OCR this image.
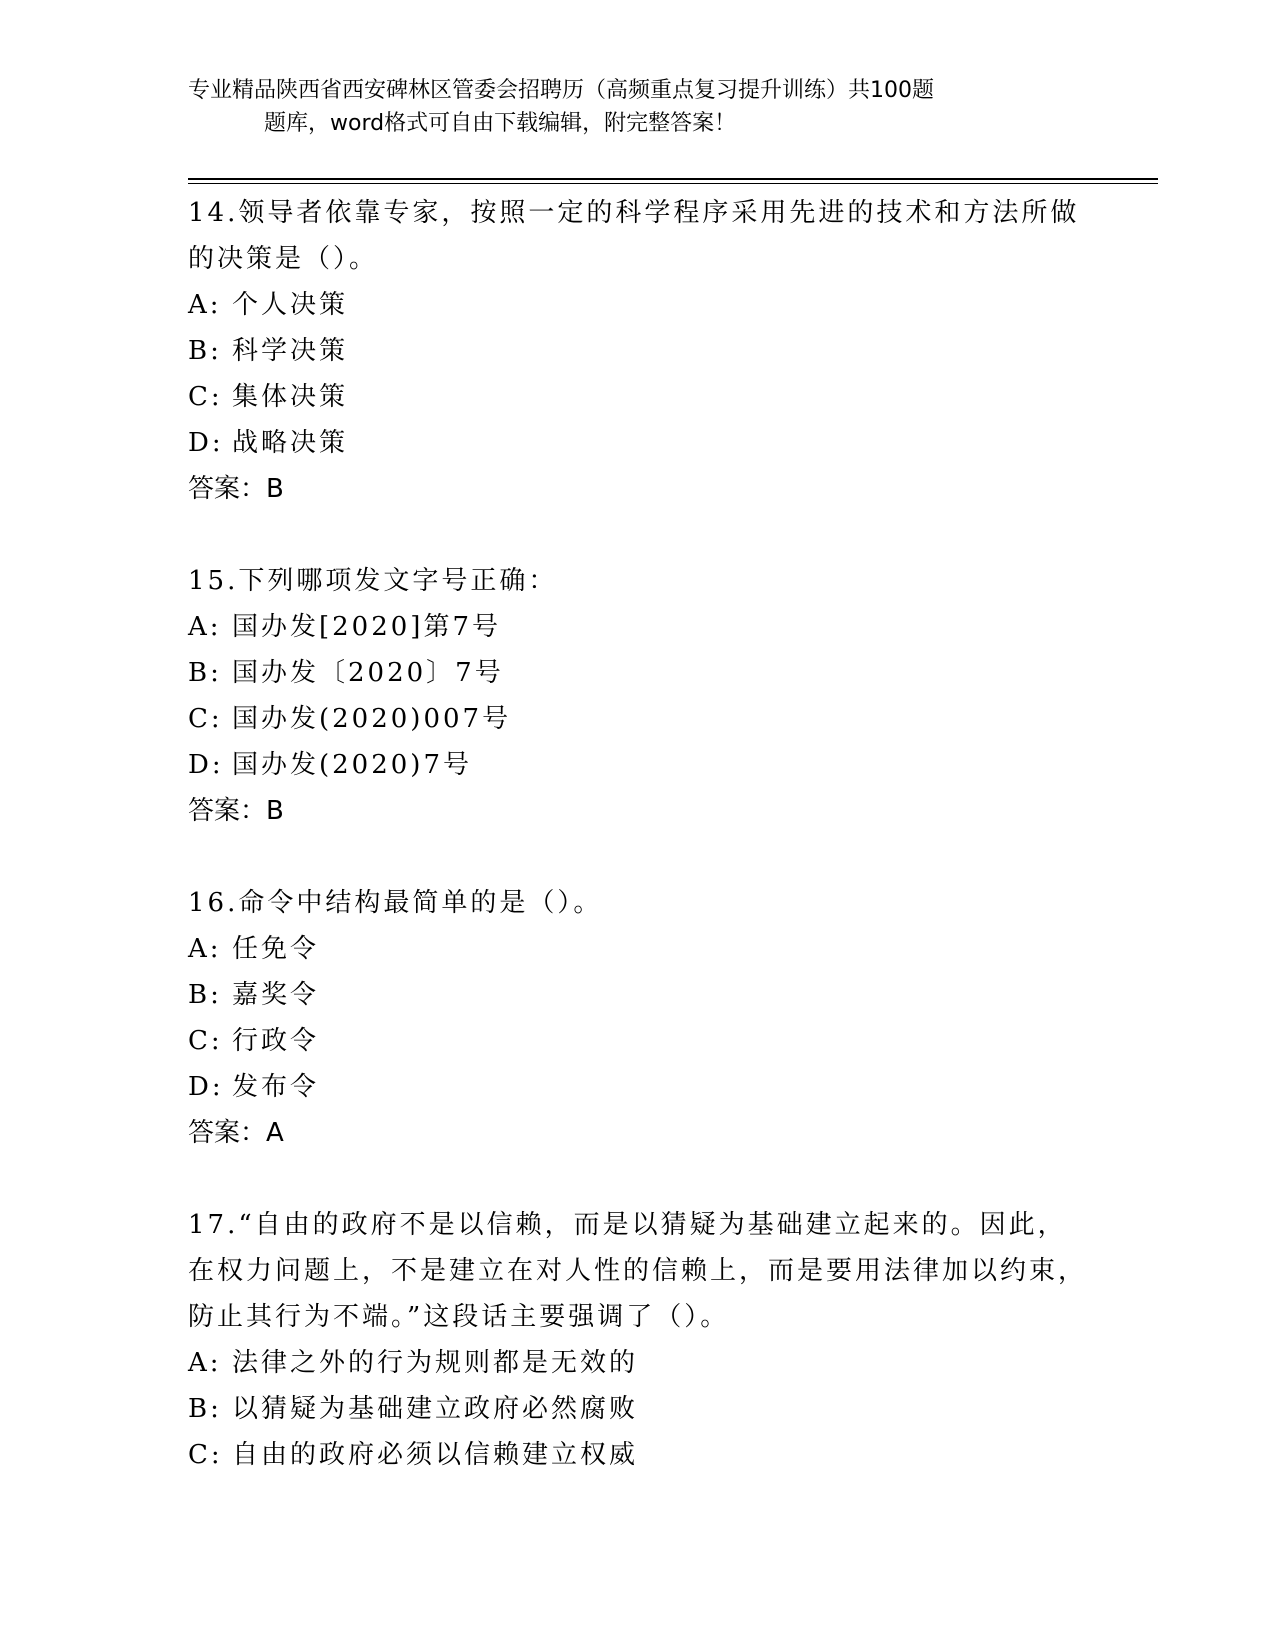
专业精品陕西省西安碑林区管委会招聘历（高频重点复习提升训练）共100题
题库，word格式可自由下载编辑，附完整答案！
14.领导者依靠专家，按照一定的科学程序采用先进的技术和方法所做的决策是（）。
A: 个人决策
B: 科学决策
C: 集体决策
D: 战略决策
答案：B
15.下列哪项发文字号正确：
A: 国办发[2020]第7号
B: 国办发〔2020〕7号
C: 国办发(2020)007号
D: 国办发(2020)7号
答案：B
16.命令中结构最简单的是（）。
A: 任免令
B: 嘉奖令
C: 行政令
D: 发布令
答案：A
17.“自由的政府不是以信赖，而是以猜疑为基础建立起来的。因此，在权力问题上，不是建立在对人性的信赖上，而是要用法律加以约束，防止其行为不端。”这段话主要强调了（）。
A: 法律之外的行为规则都是无效的
B: 以猜疑为基础建立政府必然腐败
C: 自由的政府必须以信赖建立权威
